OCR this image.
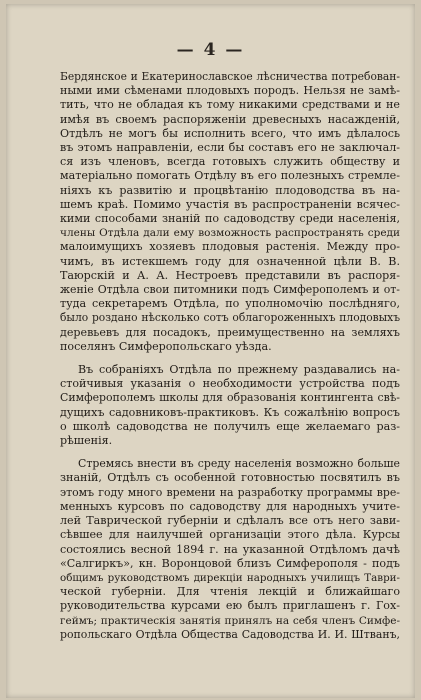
— 4 —
Бердянское и Екатеринославское лѣсничества потребован-
ными ими сѣменами плодовыхъ породъ. Нельзя не замѣ-
тить, что не обладая къ тому никакими средствами и не
имѣя въ своемъ распоряженіи древесныхъ насажденій,
Отдѣлъ не могъ бы исполнить всего, что имъ дѣлалось
въ этомъ направленіи, если бы составъ его не заключал-
ся изъ членовъ, всегда готовыхъ служить обществу и
матеріально помогать Отдѣлу въ его полезныхъ стремле-
ніяхъ къ развитію и процвѣтанію плодоводства въ на-
шемъ краѣ. Помимо участія въ распространеніи всячес-
кими способами знаній по садоводству среди населенія,
члены Отдѣла дали ему возможность распространять среди
малоимущихъ хозяевъ плодовыя растенія. Между про-
чимъ, въ истекшемъ году для означенной цѣли В. В.
Таюрскій и А. А. Нестроевъ представили въ распоря-
женіе Отдѣла свои питомники подъ Симферополемъ и от-
туда секретаремъ Отдѣла, по уполномочію послѣдняго,
было роздано нѣсколько сотъ облагороженныхъ плодовыхъ
деревьевъ для посадокъ, преимущественно на земляхъ
поселянъ Симферопольскаго уѣзда.
Въ собраніяхъ Отдѣла по прежнему раздавались на-
стойчивыя указанія о необходимости устройства подъ
Симферополемъ школы для образованія контингента свѣ-
дущихъ садовниковъ-практиковъ. Къ сожалѣнію вопросъ
о школѣ садоводства не получилъ еще желаемаго раз-
рѣшенія.
Стремясь внести въ среду населенія возможно больше
знаній, Отдѣлъ съ особенной готовностью посвятилъ въ
этомъ году много времени на разработку программы вре-
менныхъ курсовъ по садоводству для народныхъ учите-
лей Таврической губерніи и сдѣлалъ все отъ него зави-
сѣвшее для наилучшей организаціи этого дѣла. Курсы
состоялись весной 1894 г. на указанной Отдѣломъ дачѣ
«Салгиркъ», кн. Воронцовой близъ Симферополя - подъ
общимъ руководствомъ дирекціи народныхъ училищъ Таври-
ческой губерніи. Для чтенія лекцій и ближайшаго
руководительства курсами ею былъ приглашенъ г. Гох-
геймъ; практическія занятія принялъ на себя членъ Симфе-
ропольскаго Отдѣла Общества Садоводства И. И. Штванъ,
